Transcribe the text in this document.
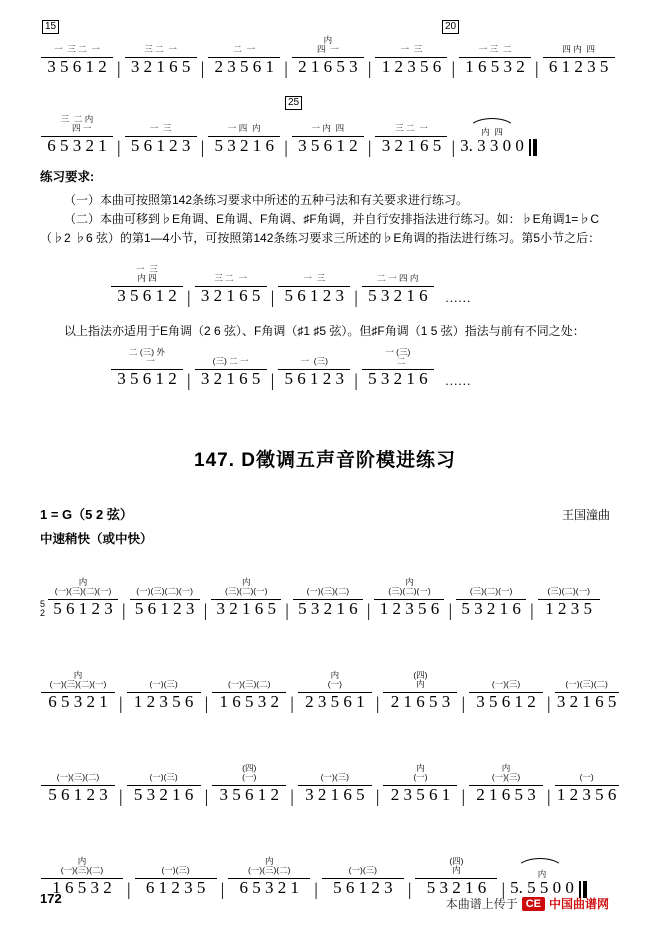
15	20
一  三 二  一
3 5 6 1 2 |
三 二  一
3 2 1 6 5 |
二  一
2 3 5 6 1 |
内
四  一
2 1 6 5 3 |
一  三
1 2 3 5 6 |
一 三  二
1 6 5 3 2 |
四 内  四
6 1 2 3 5
25
三  二 内
四 一
6 5 3 2 1 |
一  三
5 6 1 2 3 |
一 四  内
5 3 2 1 6 |
一 内  四
3 5 6 1 2 |
三 二  一
3 2 1 6 5 |
内  四
3. 3 3 0 0

练习要求:

（一）本曲可按照第142条练习要求中所述的五种弓法和有关要求进行练习。

（二）本曲可移到♭E角调、E角调、F角调、♯F角调，并自行安排指法进行练习。如：♭E角调1=♭C（♭2 ♭6 弦）的第1—4小节，可按照第142条练习要求三所述的♭E角调的指法进行练习。第5小节之后：

一  三
内 四
3 5 6 1 2 |
三 二  一
3 2 1 6 5 |
一  三
5 6 1 2 3 |
二 一 四 内
5 3 2 1 6	……

以上指法亦适用于E角调（2 6 弦）、F角调（♯1 ♯5 弦）。但♯F角调（1 5 弦）指法与前有不同之处：

二 (三) 外
一
3 5 6 1 2 |
(三) 二 一
3 2 1 6 5 |
一  (三)
5 6 1 2 3 |
一 (三)
二
5 3 2 1 6	……
147. D徵调五声音阶模进练习
1 = G（5 2 弦）	王国潼曲
中速稍快（或中快）
5
2
内
(一)(三)(二)(一)
5 6 1 2 3 |
(一)(三)(二)(一)
5 6 1 2 3 |
内
(三)(二)(一)
3 2 1 6 5 |
(一)(三)(二)
5 3 2 1 6 |
内
(三)(二)(一)
1 2 3 5 6 |
(三)(二)(一)
5 3 2 1 6 |
(三)(二)(一)
1 2 3 5
内
(一)(三)(二)(一)
6 5 3 2 1 |
(一)(三)
1 2 3 5 6 |
(一)(三)(二)
1 6 5 3 2 |
内
(一)
2 3 5 6 1 |
(四)
内
2 1 6 5 3 |
(一)(三)
3 5 6 1 2 |
(一)(三)(二)
3 2 1 6 5
(一)(三)(二)
5 6 1 2 3 |
(一)(三)
5 3 2 1 6 |
(四)
(一)
3 5 6 1 2 |
(一)(三)
3 2 1 6 5 |
内
(一)
2 3 5 6 1 |
内
(一)(三)
2 1 6 5 3 |
(一)
1 2 3 5 6
内
(一)(三)(二)
1 6 5 3 2 |
(一)(三)
6 1 2 3 5 |
内
(一)(三)(二)
6 5 3 2 1 |
(一)(三)
5 6 1 2 3 |
(四)
内
5 3 2 1 6 |
内
5. 5 5 0 0
172	本曲谱上传于 CE 中国曲谱网
